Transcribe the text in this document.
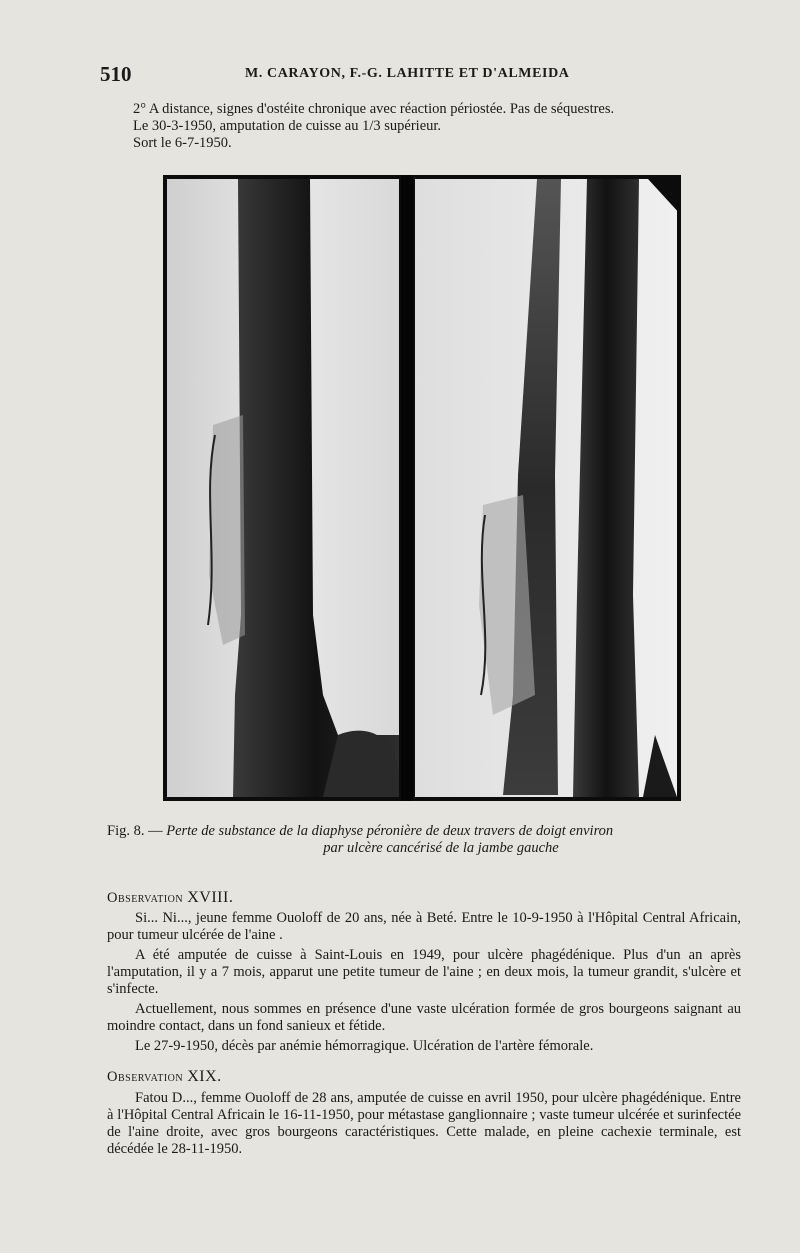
510	M. CARAYON, F.-G. LAHITTE ET D'ALMEIDA
2° A distance, signes d'ostéite chronique avec réaction périostée. Pas de séquestres.
Le 30-3-1950, amputation de cuisse au 1/3 supérieur.
Sort le 6-7-1950.
Fig. 8. — Perte de substance de la diaphyse péronière de deux travers de doigt environ
par ulcère cancérisé de la jambe gauche
Observation XVIII.

Si... Ni..., jeune femme Ouoloff de 20 ans, née à Beté. Entre le 10-9-1950 à l'Hôpital Central Africain, pour tumeur ulcérée de l'aine .

A été amputée de cuisse à Saint-Louis en 1949, pour ulcère phagédénique. Plus d'un an après l'amputation, il y a 7 mois, apparut une petite tumeur de l'aine ; en deux mois, la tumeur grandit, s'ulcère et s'infecte.

Actuellement, nous sommes en présence d'une vaste ulcération formée de gros bourgeons saignant au moindre contact, dans un fond sanieux et fétide.

Le 27-9-1950, décès par anémie hémorragique. Ulcération de l'artère fémorale.

Observation XIX.

Fatou D..., femme Ouoloff de 28 ans, amputée de cuisse en avril 1950, pour ulcère phagédénique. Entre à l'Hôpital Central Africain le 16-11-1950, pour métastase ganglionnaire ; vaste tumeur ulcérée et surinfectée de l'aine droite, avec gros bourgeons caractéristiques. Cette malade, en pleine cachexie terminale, est décédée le 28-11-1950.
